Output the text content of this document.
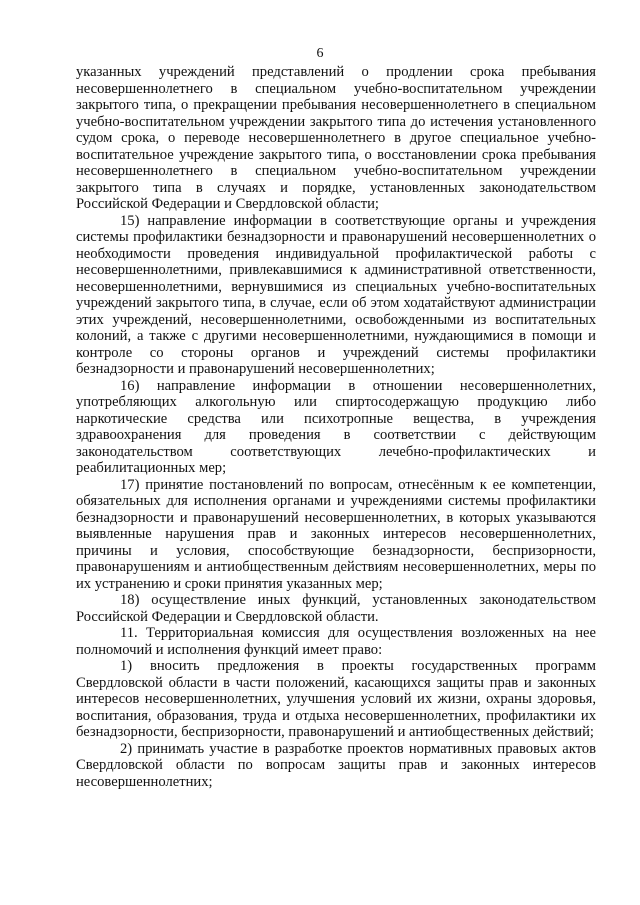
6

указанных учреждений представлений о продлении срока пребывания несовершеннолетнего в специальном учебно-воспитательном учреждении закрытого типа, о прекращении пребывания несовершеннолетнего в специальном учебно-воспитательном учреждении закрытого типа до истечения установленного судом срока, о переводе несовершеннолетнего в другое специальное учебно-воспитательное учреждение закрытого типа, о восстановлении срока пребывания несовершеннолетнего в специальном учебно-воспитательном учреждении закрытого типа в случаях и порядке, установленных законодательством Российской Федерации и Свердловской области;

15) направление информации в соответствующие органы и учреждения системы профилактики безнадзорности и правонарушений несовершеннолетних о необходимости проведения индивидуальной профилактической работы с несовершеннолетними, привлекавшимися к административной ответственности, несовершеннолетними, вернувшимися из специальных учебно-воспитательных учреждений закрытого типа, в случае, если об этом ходатайствуют администрации этих учреждений, несовершеннолетними, освобожденными из воспитательных колоний, а также с другими несовершеннолетними, нуждающимися в помощи и контроле со стороны органов и учреждений системы профилактики безнадзорности и правонарушений несовершеннолетних;

16) направление информации в отношении несовершеннолетних, употребляющих алкогольную или спиртосодержащую продукцию либо наркотические средства или психотропные вещества, в учреждения здравоохранения для проведения в соответствии с действующим законодательством соответствующих лечебно-профилактических и реабилитационных мер;

17) принятие постановлений по вопросам, отнесённым к ее компетенции, обязательных для исполнения органами и учреждениями системы профилактики безнадзорности и правонарушений несовершеннолетних, в которых указываются выявленные нарушения прав и законных интересов несовершеннолетних, причины и условия, способствующие безнадзорности, беспризорности, правонарушениям и антиобщественным действиям несовершеннолетних, меры по их устранению и сроки принятия указанных мер;

18) осуществление иных функций, установленных законодательством Российской Федерации и Свердловской области.

11. Территориальная комиссия для осуществления возложенных на нее полномочий и исполнения функций имеет право:

1) вносить предложения в проекты государственных программ Свердловской области в части положений, касающихся защиты прав и законных интересов несовершеннолетних, улучшения условий их жизни, охраны здоровья, воспитания, образования, труда и отдыха несовершеннолетних, профилактики их безнадзорности, беспризорности, правонарушений и антиобщественных действий;

2) принимать участие в разработке проектов нормативных правовых актов Свердловской области по вопросам защиты прав и законных интересов несовершеннолетних;
